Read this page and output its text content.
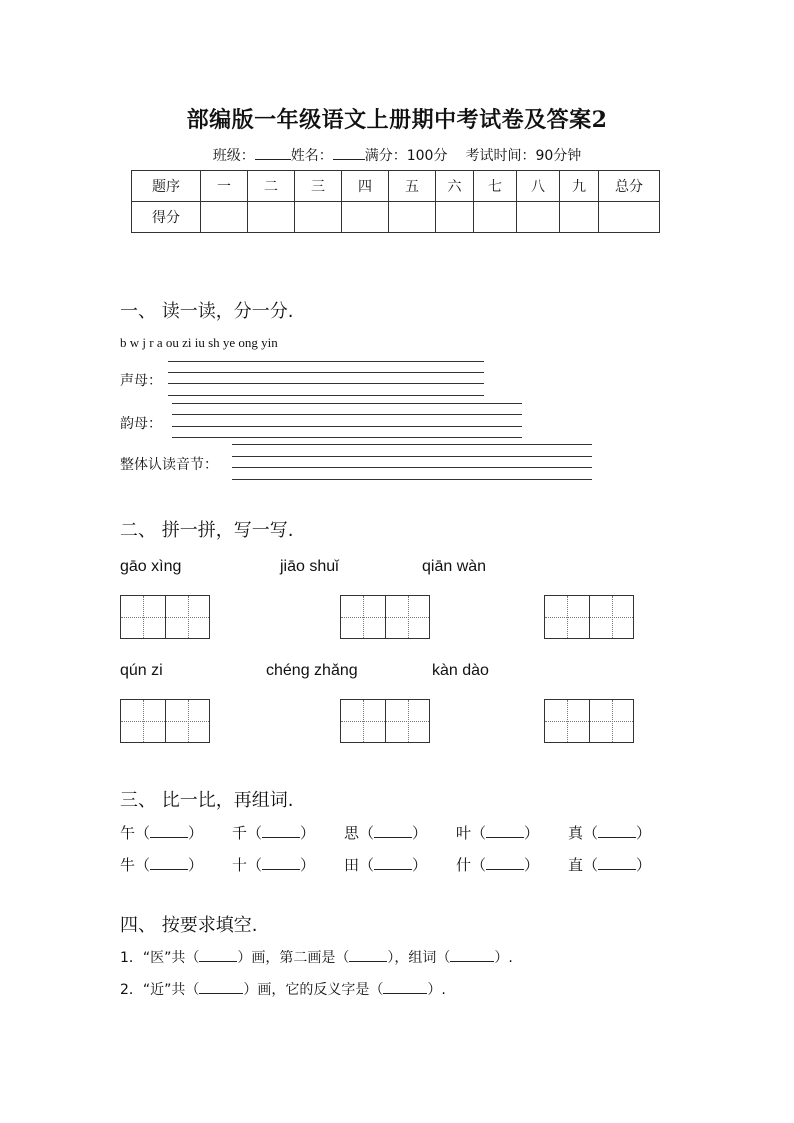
部编版一年级语文上册期中考试卷及答案2
班级：	姓名： 满分：100分 考试时间：90分钟
题序	一	二	三	四	五	六	七	八	九	总分
得分										
一、 读一读，分一分.
b w j r a ou zi iu sh ye ong yin
声母：
韵母：
整体认读音节：
二、 拼一拼，写一写.
gāo xìng	jiāo shuǐ	qiān wàn
qún zi	chéng zhǎng	kàn dào
三、 比一比，再组词.
午（	） 千（	） 思（	） 叶（	） 真（	）
牛（	） 十（	） 田（	） 什（	） 直（	）
四、 按要求填空.
1．“医”共（	）画，第二画是（	），组词（	）.
2．“近”共（	）画，它的反义字是（	）.
